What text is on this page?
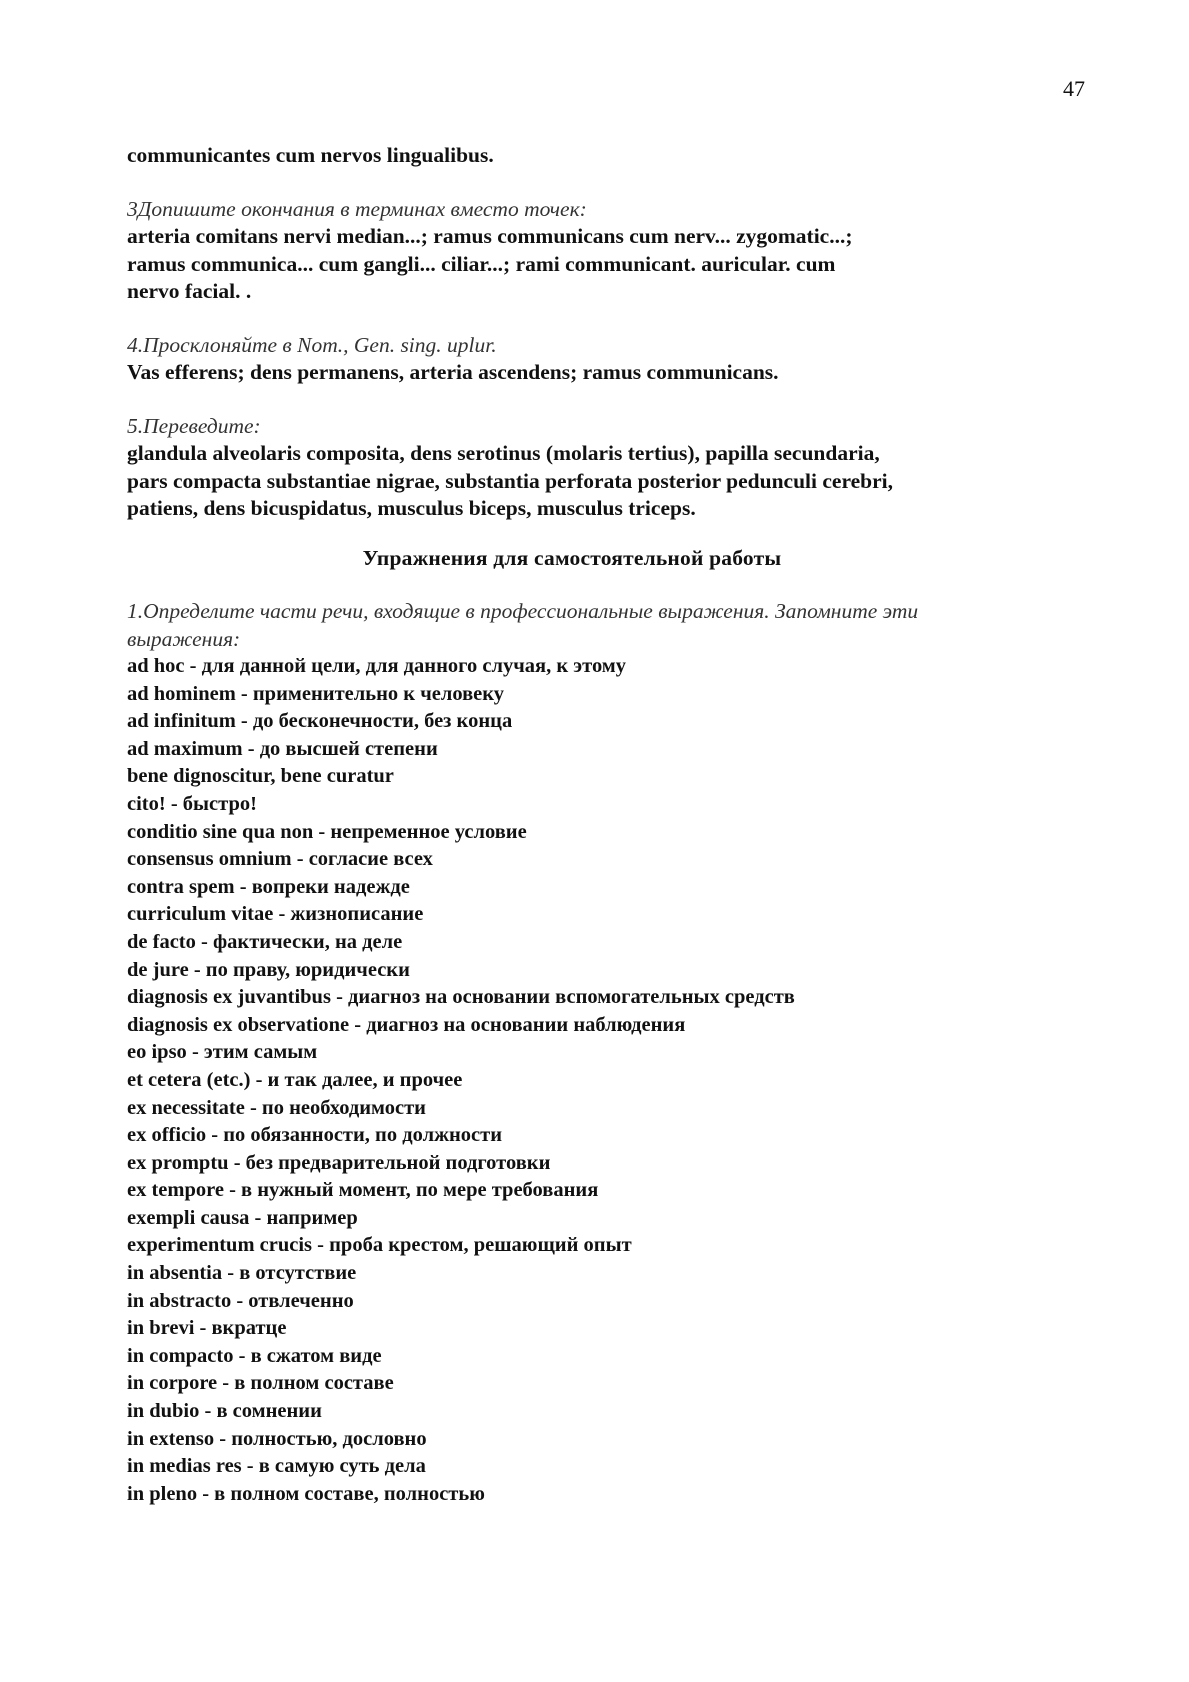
47
communicantes cum nervos lingualibus.
3Допишите окончания в терминах вместо точек:
arteria comitans nervi median...; ramus communicans cum nerv... zygomatic...;
ramus communica... cum gangli... ciliar...; rami communicant. auricular. cum
nervo facial. .
4.Просклоняйте в Nom., Gen. sing. uplur.
Vas efferens; dens permanens, arteria ascendens; ramus communicans.
5.Переведите:
glandula alveolaris composita, dens serotinus (molaris tertius), papilla secundaria,
pars compacta substantiae nigrae, substantia perforata posterior pedunculi cerebri,
patiens, dens bicuspidatus, musculus biceps, musculus triceps.
Упражнения для самостоятельной работы
1.Определите части речи, входящие в профессиональные выражения. Запомните эти
выражения:
ad hoc - для данной цели, для данного случая, к этому
ad hominem - применительно к человеку
ad infinitum - до бесконечности, без конца
ad maximum - до высшей степени
bene dignoscitur, bene curatur
cito! - быстро!
conditio sine qua non - непременное условие
consensus omnium - согласие всех
contra spem - вопреки надежде
curriculum vitae - жизнописание
de facto - фактически, на деле
de jure - по праву, юридически
diagnosis ex juvantibus - диагноз на основании вспомогательных средств
diagnosis ex observatione - диагноз на основании наблюдения
eo ipso - этим самым
et cetera (etc.) - и так далее, и прочее
ex necessitate - по необходимости
ex officio - по обязанности, по должности
ex promptu - без предварительной подготовки
ex tempore - в нужный момент, по мере требования
exempli causa - например
experimentum crucis - проба крестом, решающий опыт
in absentia - в отсутствие
in abstracto - отвлеченно
in brevi - вкратце
in compacto - в сжатом виде
in corpore - в полном составе
in dubio - в сомнении
in extenso - полностью, дословно
in medias res - в самую суть дела
in pleno - в полном составе, полностью
